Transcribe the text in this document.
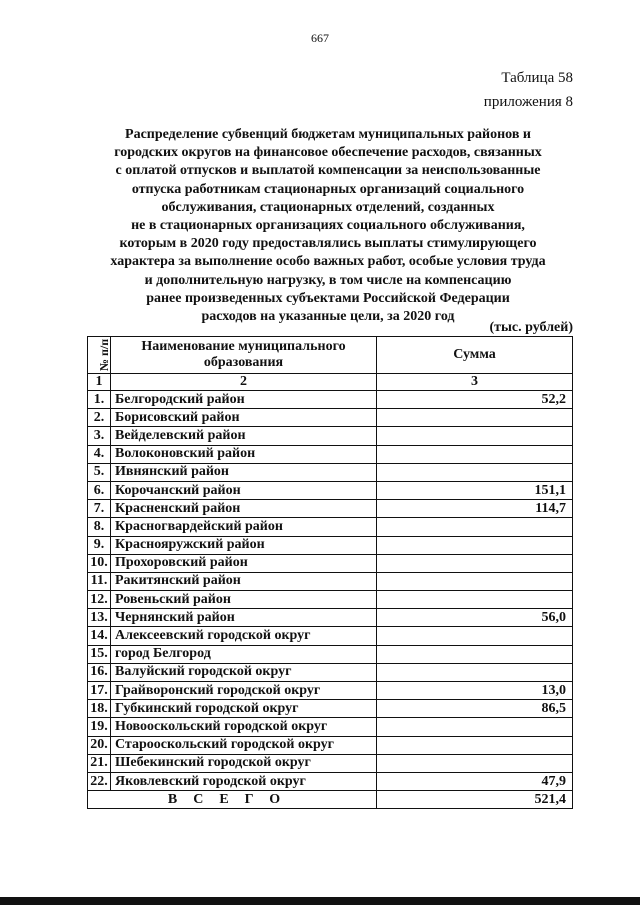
667
Таблица 58
приложения 8
Распределение субвенций бюджетам муниципальных районов и
городских округов на финансовое обеспечение расходов, связанных
с оплатой отпусков и выплатой компенсации за неиспользованные
отпуска работникам стационарных организаций социального
обслуживания, стационарных отделений, созданных
не в стационарных организациях социального обслуживания,
которым в 2020 году предоставлялись выплаты стимулирующего
характера за выполнение особо важных работ, особые условия труда
и дополнительную нагрузку, в том числе на компенсацию
ранее произведенных субъектами Российской Федерации
расходов на указанные цели, за 2020 год
(тыс. рублей)
№ п/п	Наименование муниципального образования	Сумма
1	2	3
1.	Белгородский район	52,2
2.	Борисовский район	
3.	Вейделевский район	
4.	Волоконовский район	
5.	Ивнянский район	
6.	Корочанский район	151,1
7.	Красненский район	114,7
8.	Красногвардейский район	
9.	Краснояружский район	
10.	Прохоровский район	
11.	Ракитянский район	
12.	Ровеньский район	
13.	Чернянский район	56,0
14.	Алексеевский городской округ	
15.	город Белгород	
16.	Валуйский городской округ	
17.	Грайворонский городской округ	13,0
18.	Губкинский городской округ	86,5
19.	Новооскольский городской округ	
20.	Старооскольский городской округ	
21.	Шебекинский городской округ	
22.	Яковлевский городской округ	47,9
ВСЕГО		521,4
